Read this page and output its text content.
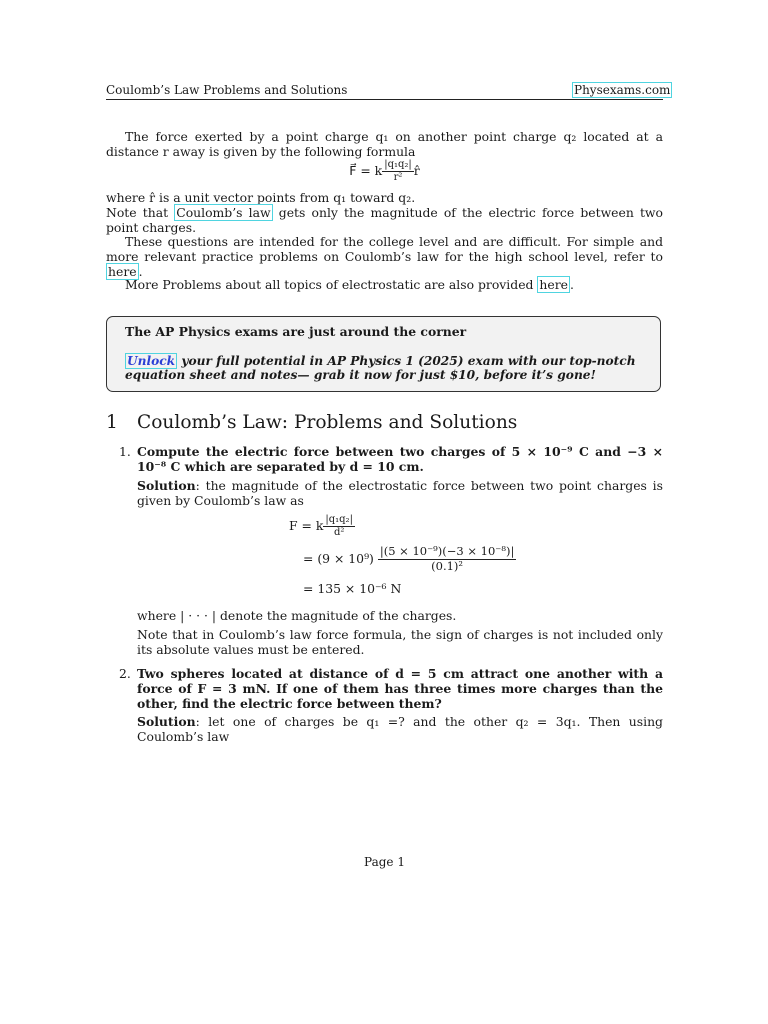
Coulomb’s Law Problems and Solutions	Physexams.com
The force exerted by a point charge q₁ on another point charge q₂ located at a distance r away is given by the following formula
F⃗ = k $\frac{\text{|q₁q₂|}}{\text{r²}}$ r̂
where r̂ is a unit vector points from q₁ toward q₂.
Note that Coulomb’s law gets only the magnitude of the electric force between two point charges.
These questions are intended for the college level and are difficult. For simple and more relevant practice problems on Coulomb’s law for the high school level, refer to here .
More Problems about all topics of electrostatic are also provided here .
The AP Physics exams are just around the corner
Unlock your full potential in AP Physics 1 (2025) exam with our top-notch equation sheet and notes— grab it now for just $10, before it’s gone!
1 Coulomb’s Law: Problems and Solutions
1. Compute the electric force between two charges of 5 × 10⁻⁹ C and −3 × 10⁻⁸ C which are separated by d = 10 cm.
Solution: the magnitude of the electrostatic force between two point charges is given by Coulomb’s law as
F = k $\frac{\text{|q₁q₂|}}{\text{d²}}$
= $(9 \times 10^9) \frac{\text{|(5 × 10⁻⁹)(−3 × 10⁻⁸)|}}{\text{(0.1)²}}$
= 135 × 10⁻⁶ N
where | · · · | denote the magnitude of the charges.
Note that in Coulomb’s law force formula, the sign of charges is not included only its absolute values must be entered.
2. Two spheres located at distance of d = 5 cm attract one another with a force of F = 3 mN. If one of them has three times more charges than the other, find the electric force between them?
Solution: let one of charges be q₁ =? and the other q₂ = 3q₁. Then using Coulomb’s law
Page 1
